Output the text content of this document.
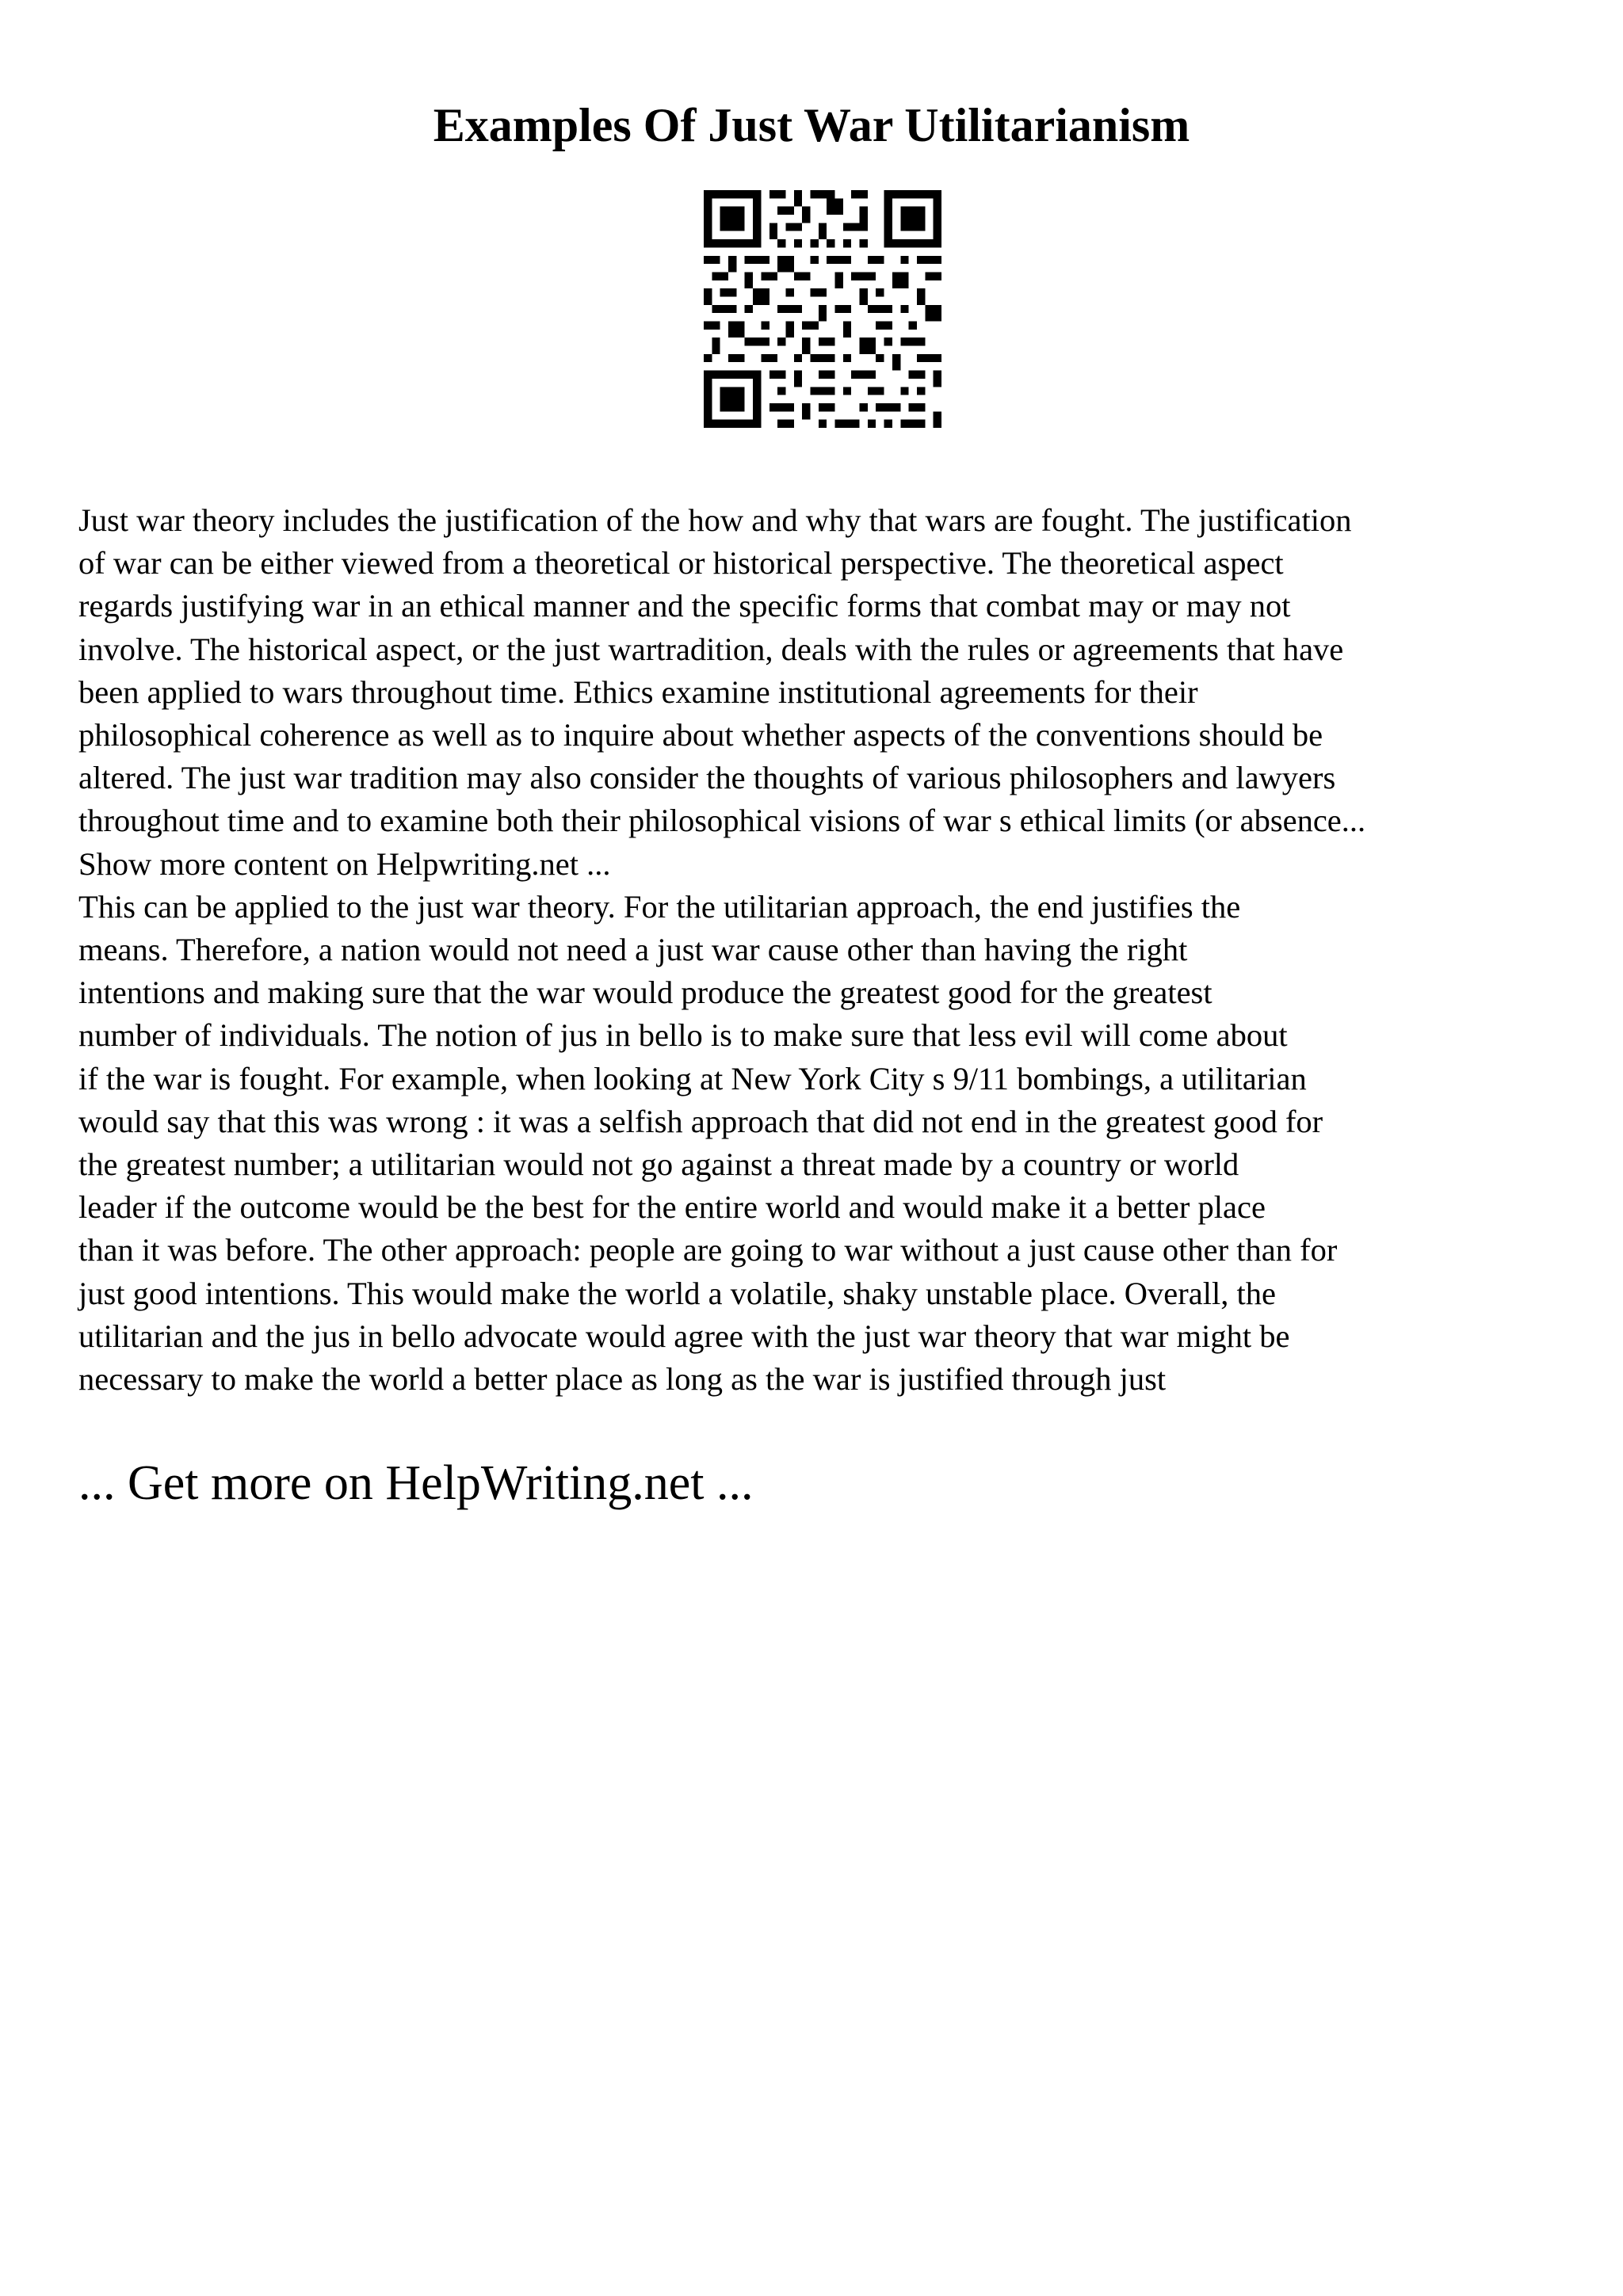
Examples Of Just War Utilitarianism

Just war theory includes the justification of the how and why that wars are fought. The justification
of war can be either viewed from a theoretical or historical perspective. The theoretical aspect
regards justifying war in an ethical manner and the specific forms that combat may or may not
involve. The historical aspect, or the just wartradition, deals with the rules or agreements that have
been applied to wars throughout time. Ethics examine institutional agreements for their
philosophical coherence as well as to inquire about whether aspects of the conventions should be
altered. The just war tradition may also consider the thoughts of various philosophers and lawyers
throughout time and to examine both their philosophical visions of war s ethical limits (or absence...
Show more content on Helpwriting.net ...

This can be applied to the just war theory. For the utilitarian approach, the end justifies the
means. Therefore, a nation would not need a just war cause other than having the right
intentions and making sure that the war would produce the greatest good for the greatest
number of individuals. The notion of jus in bello is to make sure that less evil will come about
if the war is fought. For example, when looking at New York City s 9/11 bombings, a utilitarian
would say that this was wrong : it was a selfish approach that did not end in the greatest good for
the greatest number; a utilitarian would not go against a threat made by a country or world
leader if the outcome would be the best for the entire world and would make it a better place
than it was before. The other approach: people are going to war without a just cause other than for
just good intentions. This would make the world a volatile, shaky unstable place. Overall, the
utilitarian and the jus in bello advocate would agree with the just war theory that war might be
necessary to make the world a better place as long as the war is justified through just

... Get more on HelpWriting.net ...
